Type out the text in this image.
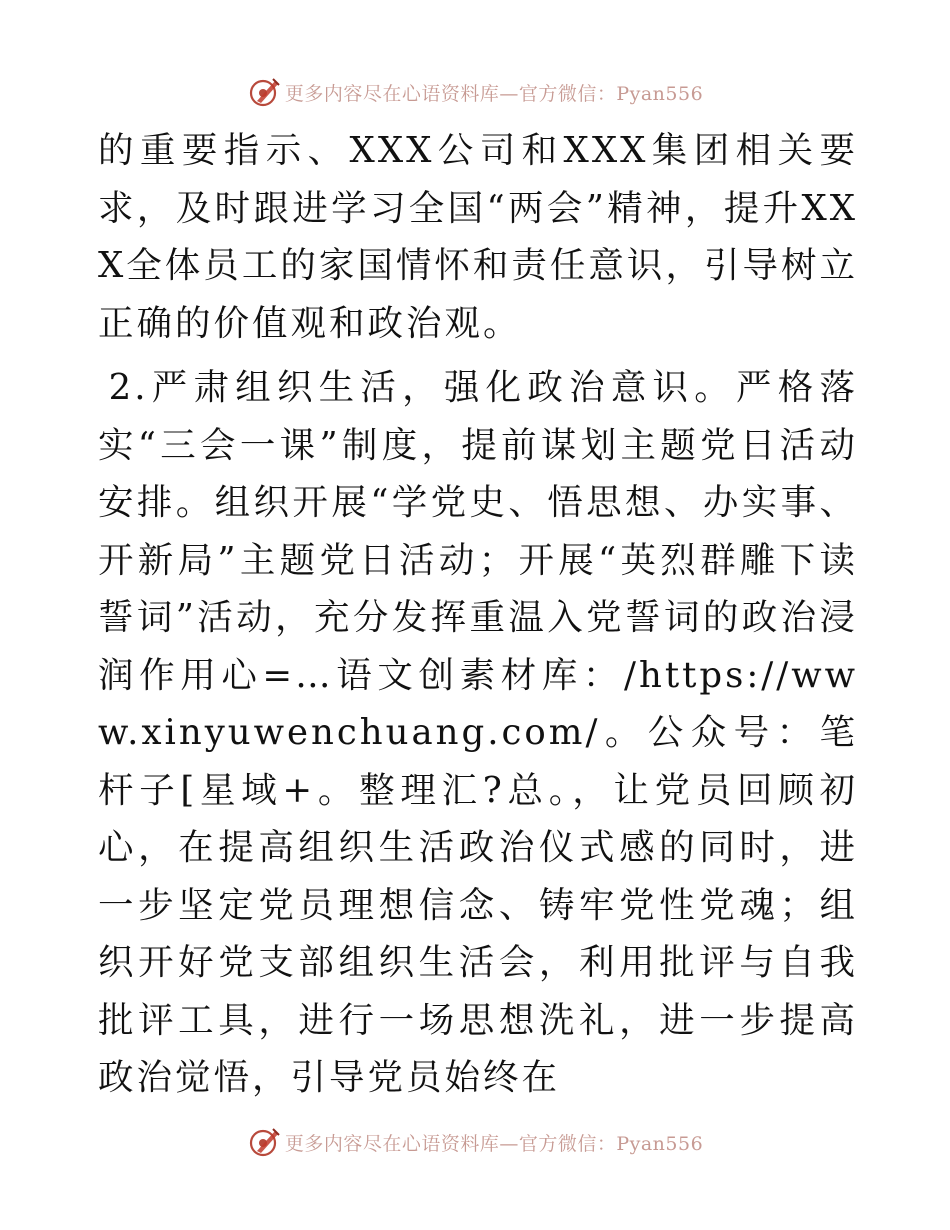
更多内容尽在心语资料库—官方微信：Pyan556

的重要指示、XXX公司和XXX集团相关要求，及时跟进学习全国“两会”精神，提升XXX全体员工的家国情怀和责任意识，引导树立正确的价值观和政治观。

2.严肃组织生活，强化政治意识。严格落实“三会一课”制度，提前谋划主题党日活动安排。组织开展“学党史、悟思想、办实事、开新局”主题党日活动；开展“英烈群雕下读誓词”活动，充分发挥重温入党誓词的政治浸润作用心=…语文创素材库：/https://www.xinyuwenchuang.com/。公众号：笔杆子[星域+。整理汇?总。，让党员回顾初心，在提高组织生活政治仪式感的同时，进一步坚定党员理想信念、铸牢党性党魂；组织开好党支部组织生活会，利用批评与自我批评工具，进行一场思想洗礼，进一步提高政治觉悟，引导党员始终在

更多内容尽在心语资料库—官方微信：Pyan556
